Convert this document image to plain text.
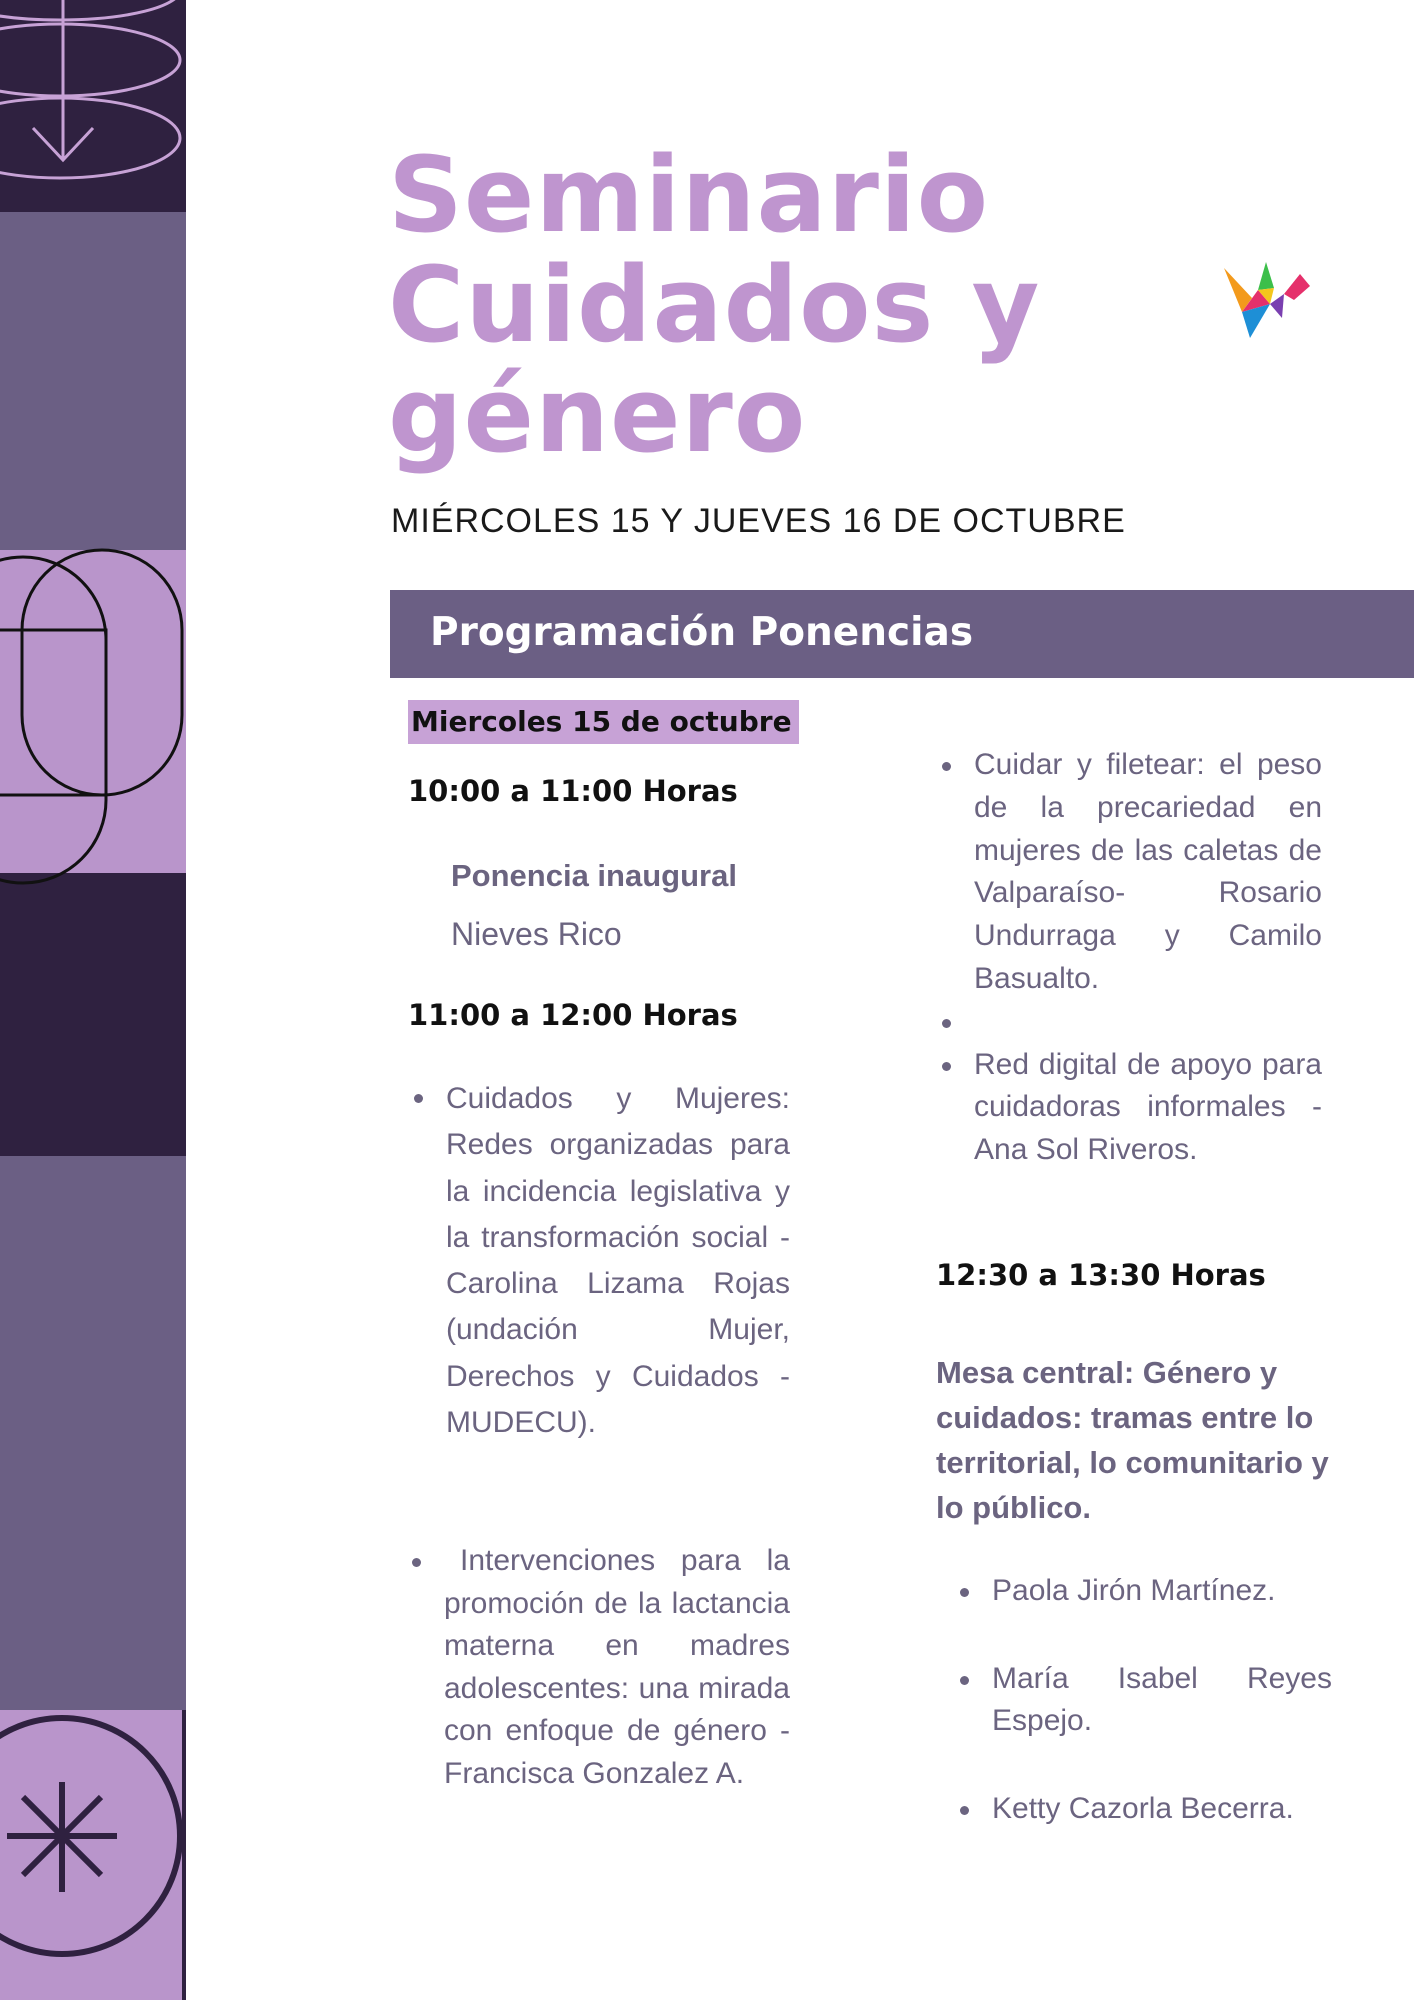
Seminario
Cuidados y
género
MIÉRCOLES 15 Y JUEVES 16 DE OCTUBRE
Programación Ponencias
Miercoles 15 de octubre
10:00 a 11:00 Horas
Ponencia inaugural
Nieves Rico
11:00 a 12:00 Horas
Cuidados y Mujeres: Redes organizadas para la incidencia legislativa y la transformación social - Carolina Lizama Rojas (undación Mujer, Derechos y Cuidados - MUDECU).
Intervenciones para la promoción de la lactancia materna en madres adolescentes: una mirada con enfoque de género - Francisca Gonzalez A.
Cuidar y filetear: el peso de la precariedad en mujeres de las caletas de Valparaíso- Rosario Undurraga y Camilo Basualto.
Red digital de apoyo para cuidadoras informales - Ana Sol Riveros.
12:30 a 13:30 Horas
Mesa central: Género y cuidados: tramas entre lo territorial, lo comunitario y lo público.
Paola Jirón Martínez.
María Isabel Reyes Espejo.
Ketty Cazorla Becerra.
